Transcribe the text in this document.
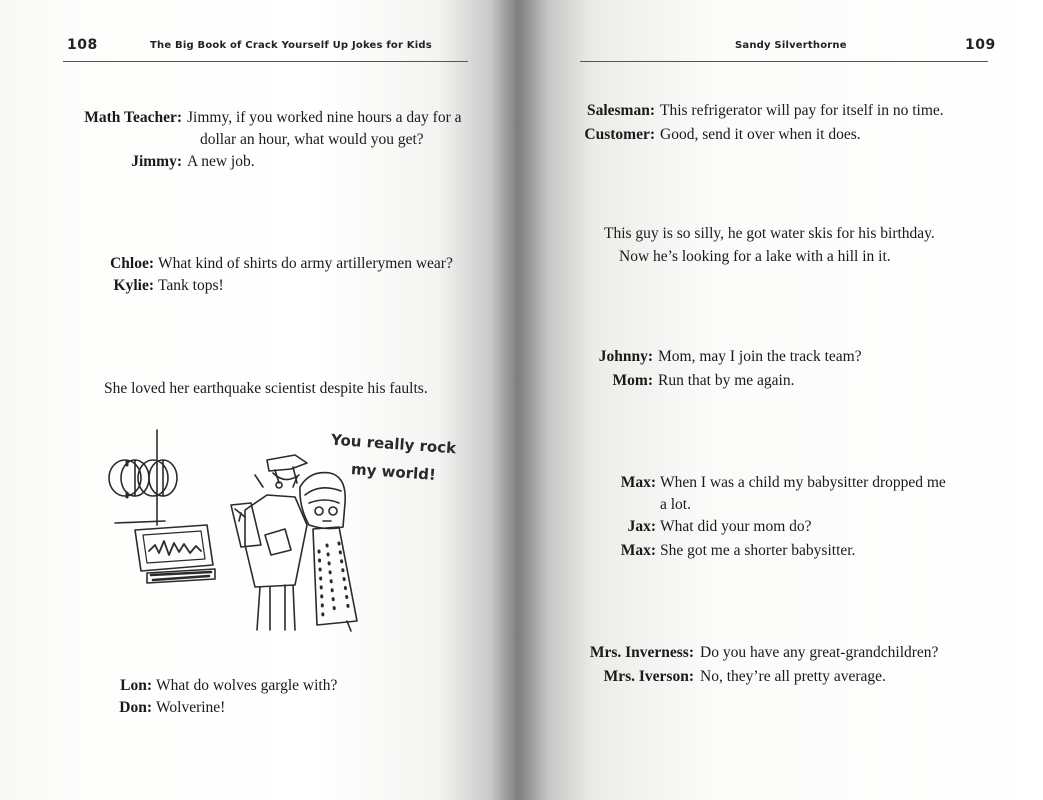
108	The Big Book of Crack Yourself Up Jokes for Kids
Math Teacher: Jimmy, if you worked nine hours a day for a
dollar an hour, what would you get?
Jimmy: A new job.
Chloe: What kind of shirts do army artillerymen wear?
Kylie: Tank tops!
She loved her earthquake scientist despite his faults.
You really rock
my world!
Lon: What do wolves gargle with?
Don: Wolverine!
Sandy Silverthorne	109
Salesman: This refrigerator will pay for itself in no time.
Customer: Good, send it over when it does.
This guy is so silly, he got water skis for his birthday.
Now he’s looking for a lake with a hill in it.
Johnny: Mom, may I join the track team?
Mom: Run that by me again.
Max: When I was a child my babysitter dropped me
a lot.
Jax: What did your mom do?
Max: She got me a shorter babysitter.
Mrs. Inverness: Do you have any great-grandchildren?
Mrs. Iverson: No, they’re all pretty average.
